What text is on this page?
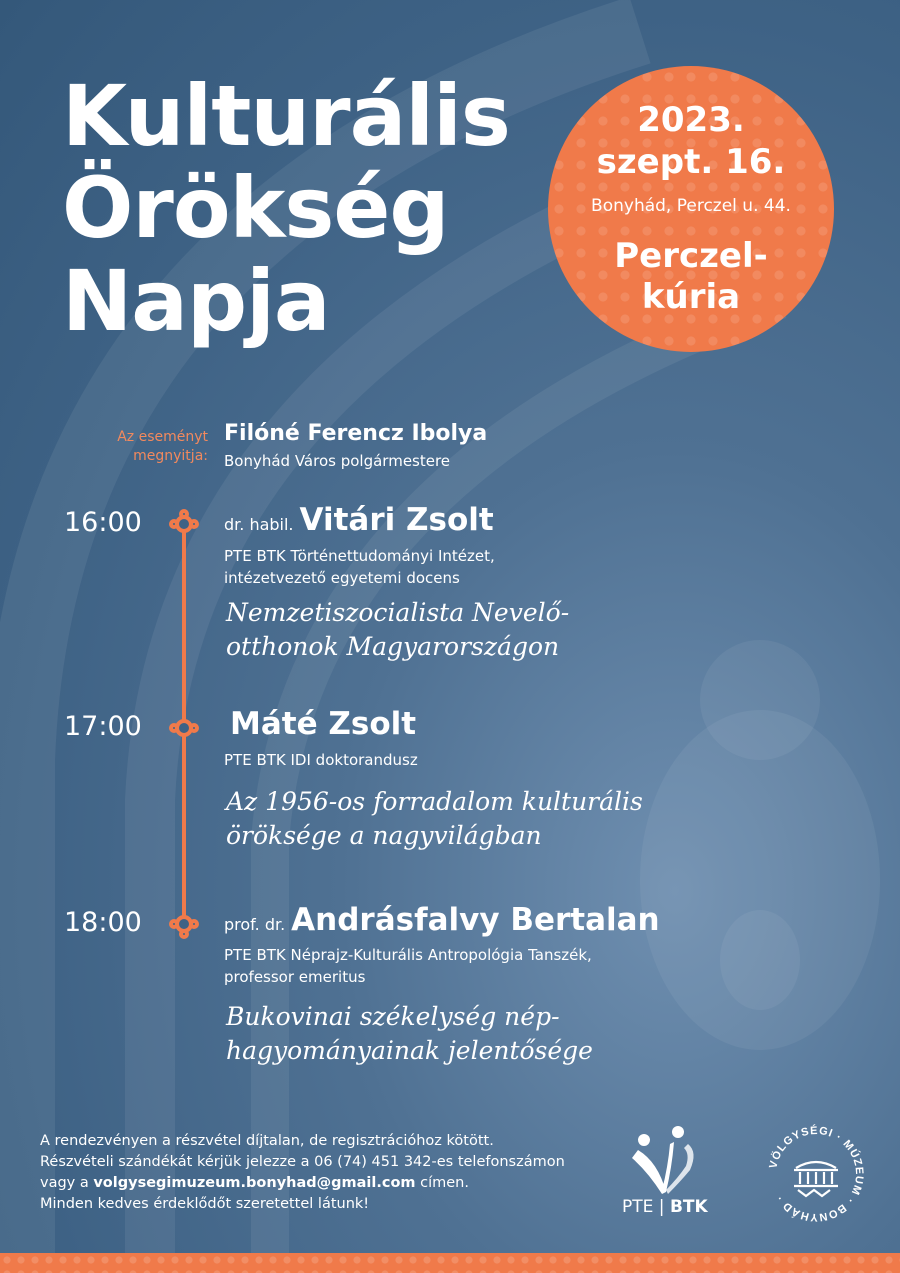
Kulturális
Örökség
Napja
2023.
szept. 16.
Bonyhád, Perczel u. 44.
Perczel-
kúria
Az eseményt
megnyitja:
Filóné Ferencz Ibolya
Bonyhád Város polgármestere
16:00	dr. habil. Vitári Zsolt
PTE BTK Történettudományi Intézet,
intézetvezető egyetemi docens
Nemzetiszocialista Nevelő-
otthonok Magyarországon
17:00	Máté Zsolt
PTE BTK IDI doktorandusz
Az 1956-os forradalom kulturális
öröksége a nagyvilágban
18:00	prof. dr. Andrásfalvy Bertalan
PTE BTK Néprajz-Kulturális Antropológia Tanszék,
professor emeritus
Bukovinai székelység nép-
hagyományainak jelentősége
A rendezvényen a részvétel díjtalan, de regisztrációhoz kötött.
Részvételi szándékát kérjük jelezze a 06 (74) 451 342-es telefonszámon
vagy a volgysegimuzeum.bonyhad@gmail.com címen.
Minden kedves érdeklődőt szeretettel látunk!	PTE | BTK
VÖLGYSÉGI · MÚZEUM · BONYHÁD ·
